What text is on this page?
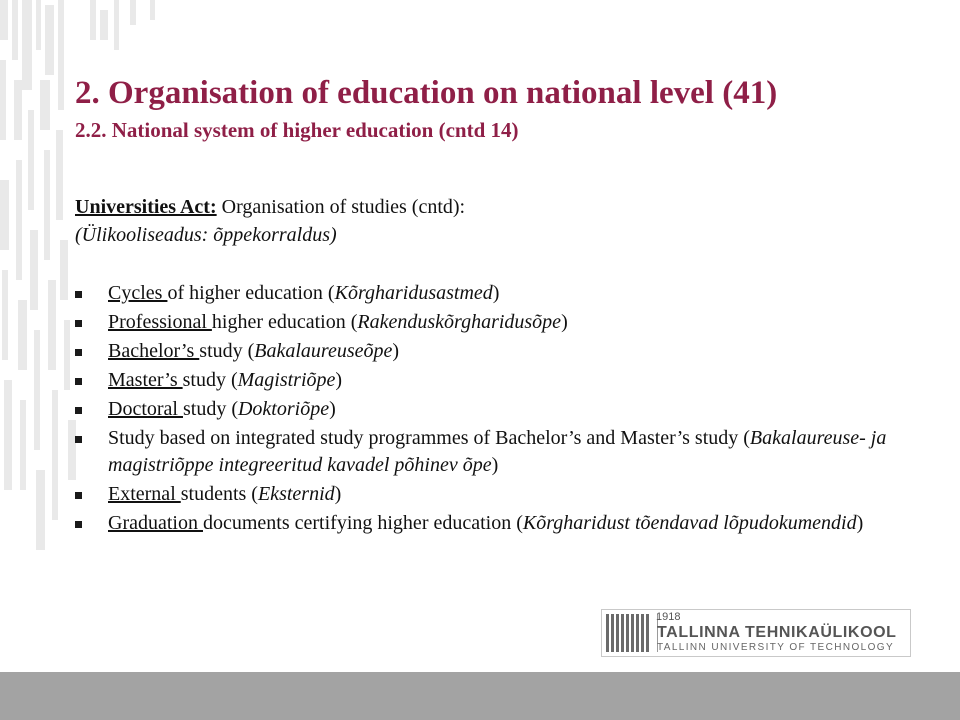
2. Organisation of education on national level (41)
2.2. National system of higher education (cntd 14)
Universities Act: Organisation of studies (cntd):
(Ülikooliseadus: õppekorraldus)
Cycles of higher education (Kõrgharidusastmed)
Professional higher education (Rakenduskõrgharidusõpe)
Bachelor’s study (Bakalaureuseõpe)
Master’s study (Magistriõpe)
Doctoral study (Doktoriõpe)
Study based on integrated study programmes of Bachelor’s and Master’s study (Bakalaureuse- ja magistriõppe integreeritud kavadel põhinev õpe)
External students (Eksternid)
Graduation documents certifying higher education (Kõrgharidust tõendavad lõpudokumendid)
1918
TALLINNA TEHNIKAÜLIKOOL
TALLINN UNIVERSITY OF TECHNOLOGY
